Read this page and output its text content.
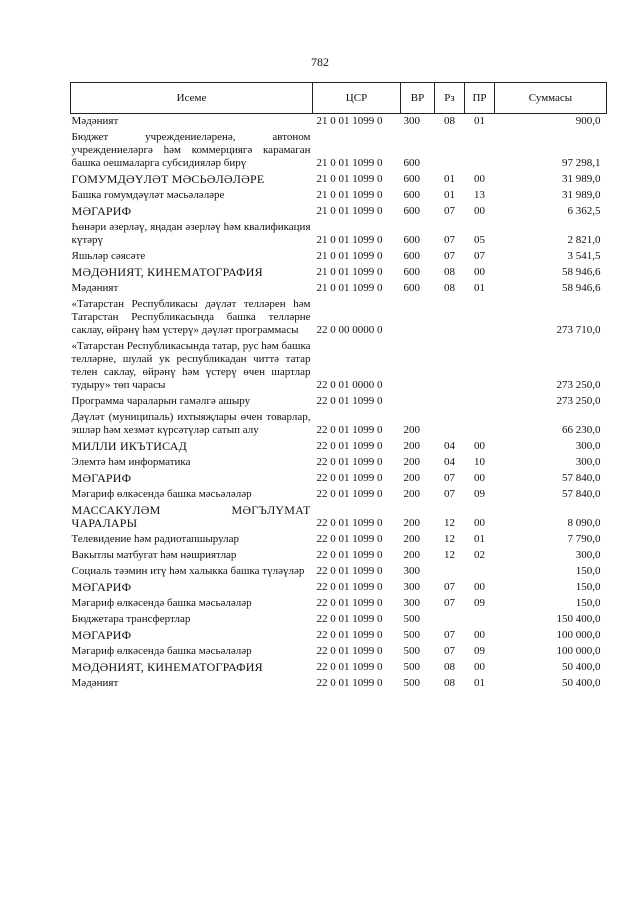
782
Исеме	ЦСР	ВР	Рз	ПР	Суммасы
Мәдәният	21 0 01 1099 0	300	08	01	900,0
Бюджет учреждениеләренә, автоном учреждениеләргә һәм коммерциягә карамаган башка оешмаларга субсидияләр бирү	21 0 01 1099 0	600			97 298,1
ГОМУМДӘҮЛӘТ МӘСЬӘЛӘЛӘРЕ	21 0 01 1099 0	600	01	00	31 989,0
Башка гомумдәүләт мәсьәләләре	21 0 01 1099 0	600	01	13	31 989,0
МӘГАРИФ	21 0 01 1099 0	600	07	00	6 362,5
Һөнәри әзерләү, яңадан әзерләү һәм квалификация күтәрү	21 0 01 1099 0	600	07	05	2 821,0
Яшьләр сәясәте	21 0 01 1099 0	600	07	07	3 541,5
МӘДӘНИЯТ, КИНЕМАТОГРАФИЯ	21 0 01 1099 0	600	08	00	58 946,6
Мәдәният	21 0 01 1099 0	600	08	01	58 946,6
«Татарстан Республикасы дәүләт телләрен һәм Татарстан Республикасында башка телләрне саклау, өйрәнү һәм үстерү» дәүләт программасы	22 0 00 0000 0				273 710,0
«Татарстан Республикасында татар, рус һәм башка телләрне, шулай ук республикадан читтә татар телен саклау, өйрәнү һәм үстерү өчен шартлар тудыру» төп чарасы	22 0 01 0000 0				273 250,0
Программа чараларын гамәлгә ашыру	22 0 01 1099 0				273 250,0
Дәүләт (муниципаль) ихтыяҗлары өчен товарлар, эшләр һәм хезмәт күрсәтүләр сатып алу	22 0 01 1099 0	200			66 230,0
МИЛЛИ ИКЪТИСАД	22 0 01 1099 0	200	04	00	300,0
Элемтә һәм информатика	22 0 01 1099 0	200	04	10	300,0
МӘГАРИФ	22 0 01 1099 0	200	07	00	57 840,0
Мәгариф өлкәсендә башка мәсьәләләр	22 0 01 1099 0	200	07	09	57 840,0
МАССАКҮЛӘМ МӘГЪЛҮМАТ ЧАРАЛАРЫ	22 0 01 1099 0	200	12	00	8 090,0
Телевидение һәм радиотапшырулар	22 0 01 1099 0	200	12	01	7 790,0
Вакытлы матбугат һәм нәшриятлар	22 0 01 1099 0	200	12	02	300,0
Социаль тәэмин итү һәм халыкка башка түләүләр	22 0 01 1099 0	300			150,0
МӘГАРИФ	22 0 01 1099 0	300	07	00	150,0
Мәгариф өлкәсендә башка мәсьәләләр	22 0 01 1099 0	300	07	09	150,0
Бюджетара трансфертлар	22 0 01 1099 0	500			150 400,0
МӘГАРИФ	22 0 01 1099 0	500	07	00	100 000,0
Мәгариф өлкәсендә башка мәсьәләләр	22 0 01 1099 0	500	07	09	100 000,0
МӘДӘНИЯТ, КИНЕМАТОГРАФИЯ	22 0 01 1099 0	500	08	00	50 400,0
Мәдәният	22 0 01 1099 0	500	08	01	50 400,0
